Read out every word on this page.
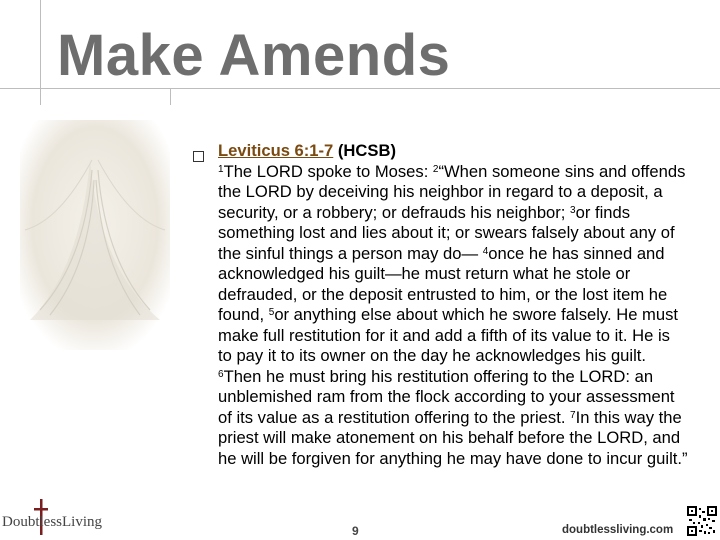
Make Amends
Leviticus 6:1-7 (HCSB)
$^1$The LORD spoke to Moses: $^2$“When someone sins and offends the LORD by deceiving his neighbor in regard to a deposit, a security, or a robbery; or defrauds his neighbor; $^3$or finds something lost and lies about it; or swears falsely about any of the sinful things a person may do— $^4$once he has sinned and acknowledged his guilt—he must return what he stole or defrauded, or the deposit entrusted to him, or the lost item he found, $^5$or anything else about which he swore falsely. He must make full restitution for it and add a fifth of its value to it. He is to pay it to its owner on the day he acknowledges his guilt. $^6$Then he must bring his restitution offering to the LORD: an unblemished ram from the flock according to your assessment of its value as a restitution offering to the priest. $^7$In this way the priest will make atonement on his behalf before the LORD, and he will be forgiven for anything he may have done to incur guilt.”
DoubtlessLiving
9	doubtlessliving.com
